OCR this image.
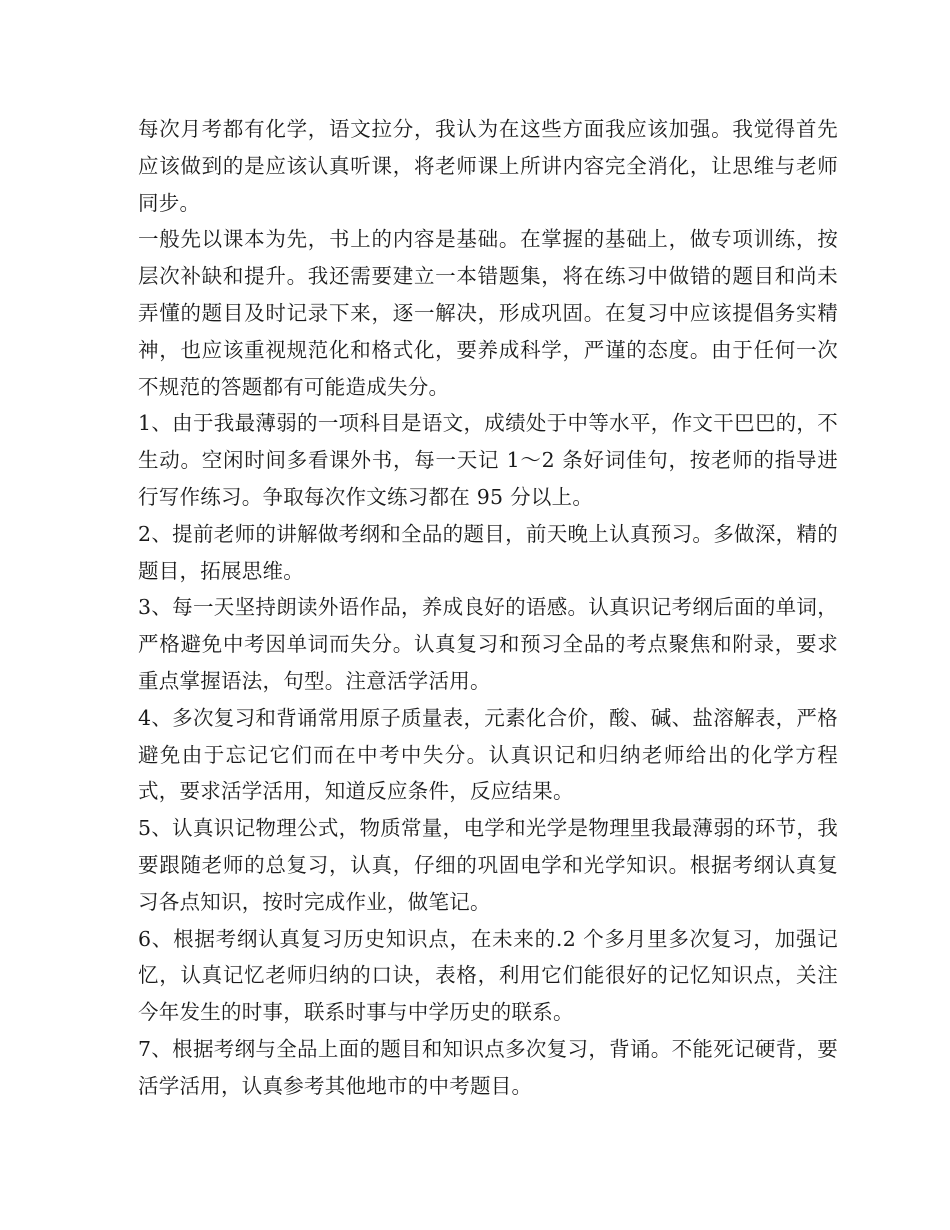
每次月考都有化学，语文拉分，我认为在这些方面我应该加强。我觉得首先应该做到的是应该认真听课，将老师课上所讲内容完全消化，让思维与老师同步。

一般先以课本为先，书上的内容是基础。在掌握的基础上，做专项训练，按层次补缺和提升。我还需要建立一本错题集，将在练习中做错的题目和尚未弄懂的题目及时记录下来，逐一解决，形成巩固。在复习中应该提倡务实精神，也应该重视规范化和格式化，要养成科学，严谨的态度。由于任何一次不规范的答题都有可能造成失分。

1、由于我最薄弱的一项科目是语文，成绩处于中等水平，作文干巴巴的，不生动。空闲时间多看课外书，每一天记 1～2 条好词佳句，按老师的指导进行写作练习。争取每次作文练习都在 95 分以上。

2、提前老师的讲解做考纲和全品的题目，前天晚上认真预习。多做深，精的题目，拓展思维。

3、每一天坚持朗读外语作品，养成良好的语感。认真识记考纲后面的单词，严格避免中考因单词而失分。认真复习和预习全品的考点聚焦和附录，要求重点掌握语法，句型。注意活学活用。

4、多次复习和背诵常用原子质量表，元素化合价，酸、碱、盐溶解表，严格避免由于忘记它们而在中考中失分。认真识记和归纳老师给出的化学方程式，要求活学活用，知道反应条件，反应结果。

5、认真识记物理公式，物质常量，电学和光学是物理里我最薄弱的环节，我要跟随老师的总复习，认真，仔细的巩固电学和光学知识。根据考纲认真复习各点知识，按时完成作业，做笔记。

6、根据考纲认真复习历史知识点，在未来的.2 个多月里多次复习，加强记忆，认真记忆老师归纳的口诀，表格，利用它们能很好的记忆知识点，关注今年发生的时事，联系时事与中学历史的联系。

7、根据考纲与全品上面的题目和知识点多次复习，背诵。不能死记硬背，要活学活用，认真参考其他地市的中考题目。
